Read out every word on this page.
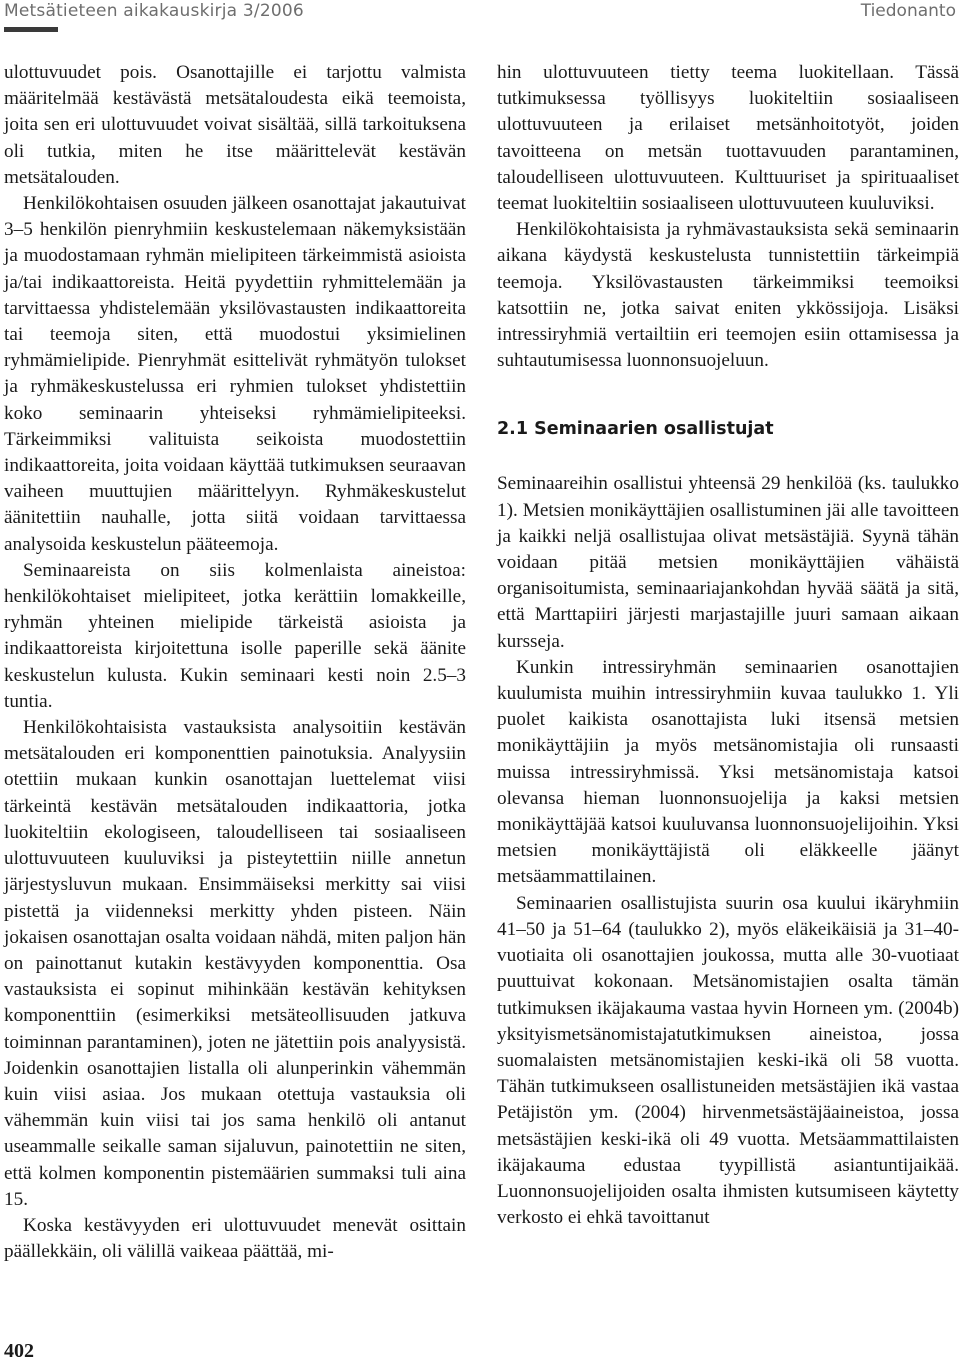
Metsätieteen aikakauskirja 3/2006	Tiedonanto

ulottuvuudet pois. Osanottajille ei tarjottu valmista määritelmää kestävästä metsätaloudesta eikä teemoista, joita sen eri ulottuvuudet voivat sisältää, sillä tarkoituksena oli tutkia, miten he itse määrittelevät kestävän metsätalouden.

Henkilökohtaisen osuuden jälkeen osanottajat jakautuivat 3–5 henkilön pienryhmiin keskustelemaan näkemyksistään ja muodostamaan ryhmän mielipiteen tärkeimmistä asioista ja/tai indikaattoreista. Heitä pyydettiin ryhmittelemään ja tarvittaessa yhdistelemään yksilövastausten indikaattoreita tai teemoja siten, että muodostui yksimielinen ryhmämielipide. Pienryhmät esittelivät ryhmätyön tulokset ja ryhmäkeskustelussa eri ryhmien tulokset yhdistettiin koko seminaarin yhteiseksi ryhmämielipiteeksi. Tärkeimmiksi valituista seikoista muodostettiin indikaattoreita, joita voidaan käyttää tutkimuksen seuraavan vaiheen muuttujien määrittelyyn. Ryhmäkeskustelut äänitettiin nauhalle, jotta siitä voidaan tarvittaessa analysoida keskustelun pääteemoja.

Seminaareista on siis kolmenlaista aineistoa: henkilökohtaiset mielipiteet, jotka kerättiin lomakkeille, ryhmän yhteinen mielipide tärkeistä asioista ja indikaattoreista kirjoitettuna isolle paperille sekä äänite keskustelun kulusta. Kukin seminaari kesti noin 2.5–3 tuntia.

Henkilökohtaisista vastauksista analysoitiin kestävän metsätalouden eri komponenttien painotuksia. Analyysiin otettiin mukaan kunkin osanottajan luettelemat viisi tärkeintä kestävän metsätalouden indikaattoria, jotka luokiteltiin ekologiseen, taloudelliseen tai sosiaaliseen ulottuvuuteen kuuluviksi ja pisteytettiin niille annetun järjestysluvun mukaan. Ensimmäiseksi merkitty sai viisi pistettä ja viidenneksi merkitty yhden pisteen. Näin jokaisen osanottajan osalta voidaan nähdä, miten paljon hän on painottanut kutakin kestävyyden komponenttia. Osa vastauksista ei sopinut mihinkään kestävän kehityksen komponenttiin (esimerkiksi metsäteollisuuden jatkuva toiminnan parantaminen), joten ne jätettiin pois analyysistä. Joidenkin osanottajien listalla oli alunperinkin vähemmän kuin viisi asiaa. Jos mukaan otettuja vastauksia oli vähemmän kuin viisi tai jos sama henkilö oli antanut useammalle seikalle saman sijaluvun, painotettiin ne siten, että kolmen komponentin pistemäärien summaksi tuli aina 15.

Koska kestävyyden eri ulottuvuudet menevät osittain päällekkäin, oli välillä vaikeaa päättää, mi-

hin ulottuvuuteen tietty teema luokitellaan. Tässä tutkimuksessa työllisyys luokiteltiin sosiaaliseen ulottuvuuteen ja erilaiset metsänhoitotyöt, joiden tavoitteena on metsän tuottavuuden parantaminen, taloudelliseen ulottuvuuteen. Kulttuuriset ja spirituaaliset teemat luokiteltiin sosiaaliseen ulottuvuuteen kuuluviksi.

Henkilökohtaisista ja ryhmävastauksista sekä seminaarin aikana käydystä keskustelusta tunnistettiin tärkeimpiä teemoja. Yksilövastausten tärkeimmiksi teemoiksi katsottiin ne, jotka saivat eniten ykkössijoja. Lisäksi intressiryhmiä vertailtiin eri teemojen esiin ottamisessa ja suhtautumisessa luonnonsuojeluun.

2.1 Seminaarien osallistujat

Seminaareihin osallistui yhteensä 29 henkilöä (ks. taulukko 1). Metsien monikäyttäjien osallistuminen jäi alle tavoitteen ja kaikki neljä osallistujaa olivat metsästäjiä. Syynä tähän voidaan pitää metsien monikäyttäjien vähäistä organisoitumista, seminaariajankohdan hyvää säätä ja sitä, että Marttapiiri järjesti marjastajille juuri samaan aikaan kursseja.

Kunkin intressiryhmän seminaarien osanottajien kuulumista muihin intressiryhmiin kuvaa taulukko 1. Yli puolet kaikista osanottajista luki itsensä metsien monikäyttäjiin ja myös metsänomistajia oli runsaasti muissa intressiryhmissä. Yksi metsänomistaja katsoi olevansa hieman luonnonsuojelija ja kaksi metsien monikäyttäjää katsoi kuuluvansa luonnonsuojelijoihin. Yksi metsien monikäyttäjistä oli eläkkeelle jäänyt metsäammattilainen.

Seminaarien osallistujista suurin osa kuului ikäryhmiin 41–50 ja 51–64 (taulukko 2), myös eläkeikäisiä ja 31–40-vuotiaita oli osanottajien joukossa, mutta alle 30-vuotiaat puuttuivat kokonaan. Metsänomistajien osalta tämän tutkimuksen ikäjakauma vastaa hyvin Horneen ym. (2004b) yksityismetsänomistajatutkimuksen aineistoa, jossa suomalaisten metsänomistajien keski-ikä oli 58 vuotta. Tähän tutkimukseen osallistuneiden metsästäjien ikä vastaa Petäjistön ym. (2004) hirvenmetsästäjäaineistoa, jossa metsästäjien keski-ikä oli 49 vuotta. Metsäammattilaisten ikäjakauma edustaa tyypillistä asiantuntijaikää. Luonnonsuojelijoiden osalta ihmisten kutsumiseen käytetty verkosto ei ehkä tavoittanut

402
